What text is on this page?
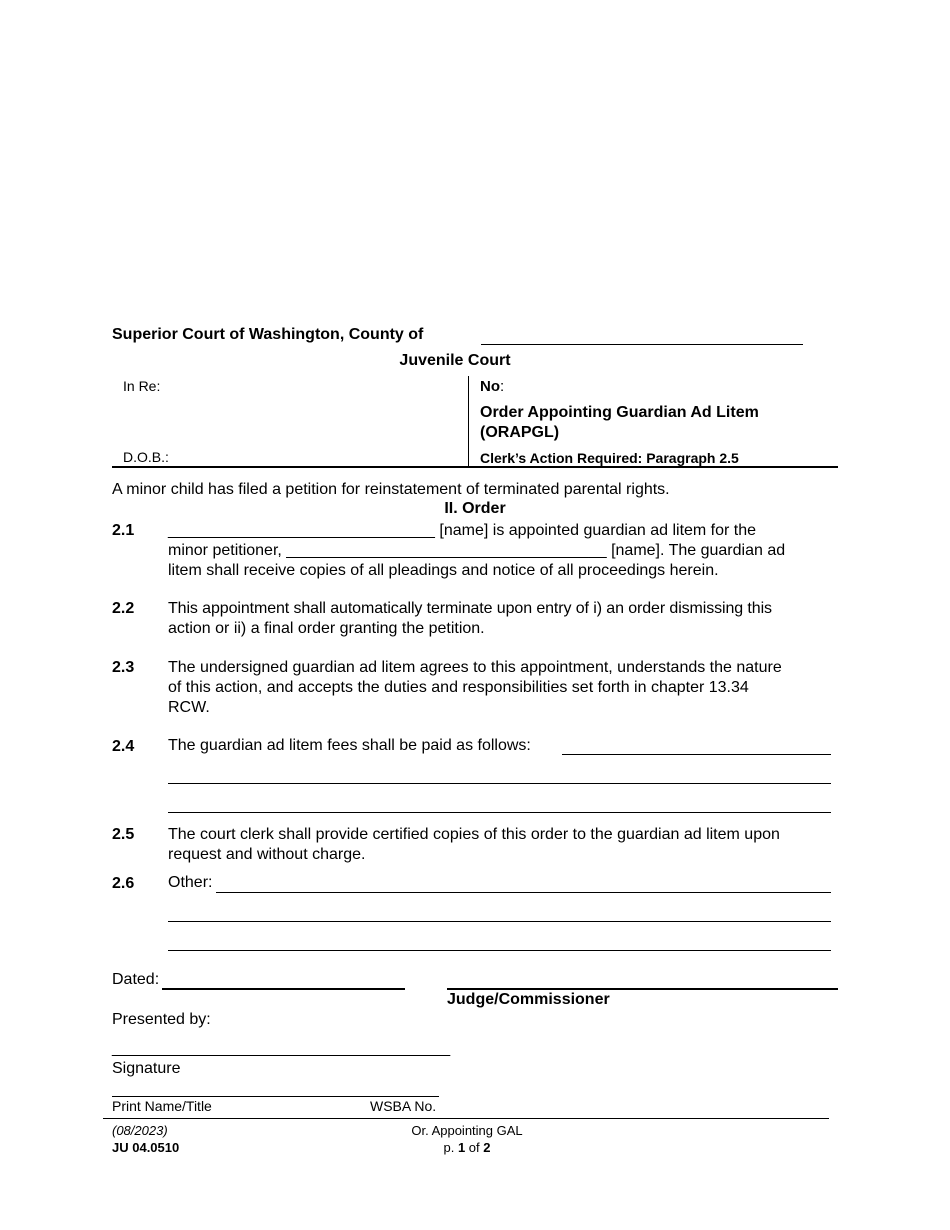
Superior Court of Washington, County of
Juvenile Court
In Re:
D.O.B.:
No:
Order Appointing Guardian Ad Litem
(ORAPGL)
Clerk’s Action Required: Paragraph 2.5
A minor child has filed a petition for reinstatement of terminated parental rights.
II. Order
2.1 ______________________________ [name] is appointed guardian ad litem for the
minor petitioner, ____________________________________ [name]. The guardian ad
litem shall receive copies of all pleadings and notice of all proceedings herein.
2.2 This appointment shall automatically terminate upon entry of i) an order dismissing this
action or ii) a final order granting the petition.
2.3 The undersigned guardian ad litem agrees to this appointment, understands the nature
of this action, and accepts the duties and responsibilities set forth in chapter 13.34
RCW.
2.4 The guardian ad litem fees shall be paid as follows:
2.5 The court clerk shall provide certified copies of this order to the guardian ad litem upon
request and without charge.
2.6 Other:
Dated:
Judge/Commissioner
Presented by:
______________________________________
Signature
Print Name/Title	WSBA No.
(08/2023)
JU 04.0510
Or. Appointing GAL
p. 1 of 2
